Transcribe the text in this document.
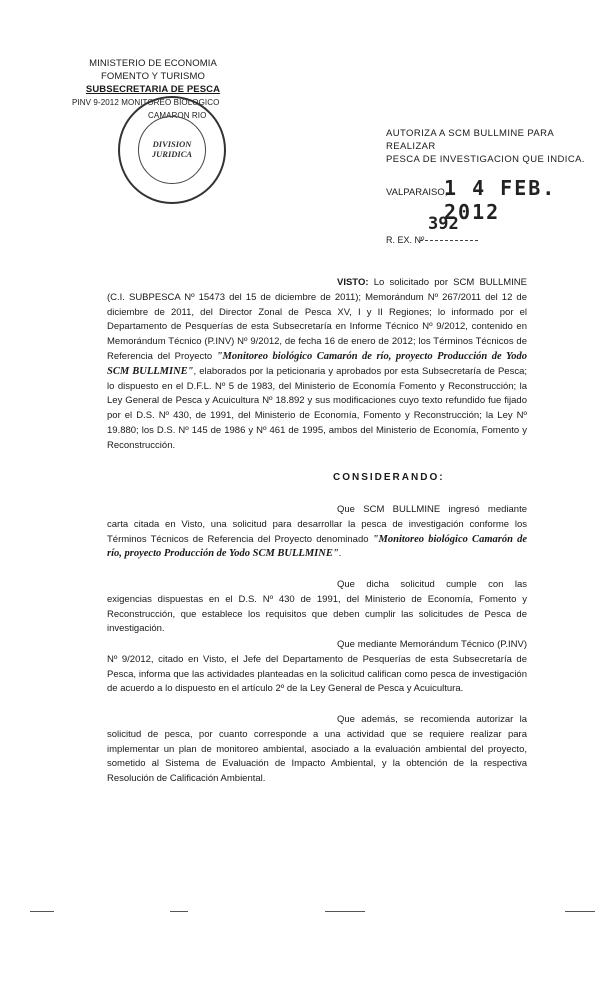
MINISTERIO DE ECONOMIA
FOMENTO Y TURISMO
SUBSECRETARIA DE PESCA
PINV 9-2012 MONITOREO BIOLOGICO
CAMARON RIO
DIVISION
JURIDICA
AUTORIZA A SCM BULLMINE PARA REALIZAR
PESCA DE INVESTIGACION QUE INDICA.
VALPARAISO,
1 4 FEB. 2012
392
R. EX. Nº

VISTO: Lo solicitado por SCM BULLMINE (C.I. SUBPESCA Nº 15473 del 15 de diciembre de 2011); Memorándum Nº 267/2011 del 12 de diciembre de 2011, del Director Zonal de Pesca XV, I y II Regiones; lo informado por el Departamento de Pesquerías de esta Subsecretaría en Informe Técnico Nº 9/2012, contenido en Memorándum Técnico (P.INV) Nº 9/2012, de fecha 16 de enero de 2012; los Términos Técnicos de Referencia del Proyecto "Monitoreo biológico Camarón de río, proyecto Producción de Yodo SCM BULLMINE", elaborados por la peticionaria y aprobados por esta Subsecretaría de Pesca; lo dispuesto en el D.F.L. Nº 5 de 1983, del Ministerio de Economía Fomento y Reconstrucción; la Ley General de Pesca y Acuicultura Nº 18.892 y sus modificaciones cuyo texto refundido fue fijado por el D.S. Nº 430, de 1991, del Ministerio de Economía, Fomento y Reconstrucción; la Ley Nº 19.880; los D.S. Nº 145 de 1986 y Nº 461 de 1995, ambos del Ministerio de Economía, Fomento y Reconstrucción.

CONSIDERANDO:

Que SCM BULLMINE ingresó mediante carta citada en Visto, una solicitud para desarrollar la pesca de investigación conforme los Términos Técnicos de Referencia del Proyecto denominado "Monitoreo biológico Camarón de río, proyecto Producción de Yodo SCM BULLMINE".

Que dicha solicitud cumple con las exigencias dispuestas en el D.S. Nº 430 de 1991, del Ministerio de Economía, Fomento y Reconstrucción, que establece los requisitos que deben cumplir las solicitudes de Pesca de investigación.

Que mediante Memorándum Técnico (P.INV) Nº 9/2012, citado en Visto, el Jefe del Departamento de Pesquerías de esta Subsecretaría de Pesca, informa que las actividades planteadas en la solicitud califican como pesca de investigación de acuerdo a lo dispuesto en el artículo 2º de la Ley General de Pesca y Acuicultura.

Que además, se recomienda autorizar la solicitud de pesca, por cuanto corresponde a una actividad que se requiere realizar para implementar un plan de monitoreo ambiental, asociado a la evaluación ambiental del proyecto, sometido al Sistema de Evaluación de Impacto Ambiental, y la obtención de la respectiva Resolución de Calificación Ambiental.
